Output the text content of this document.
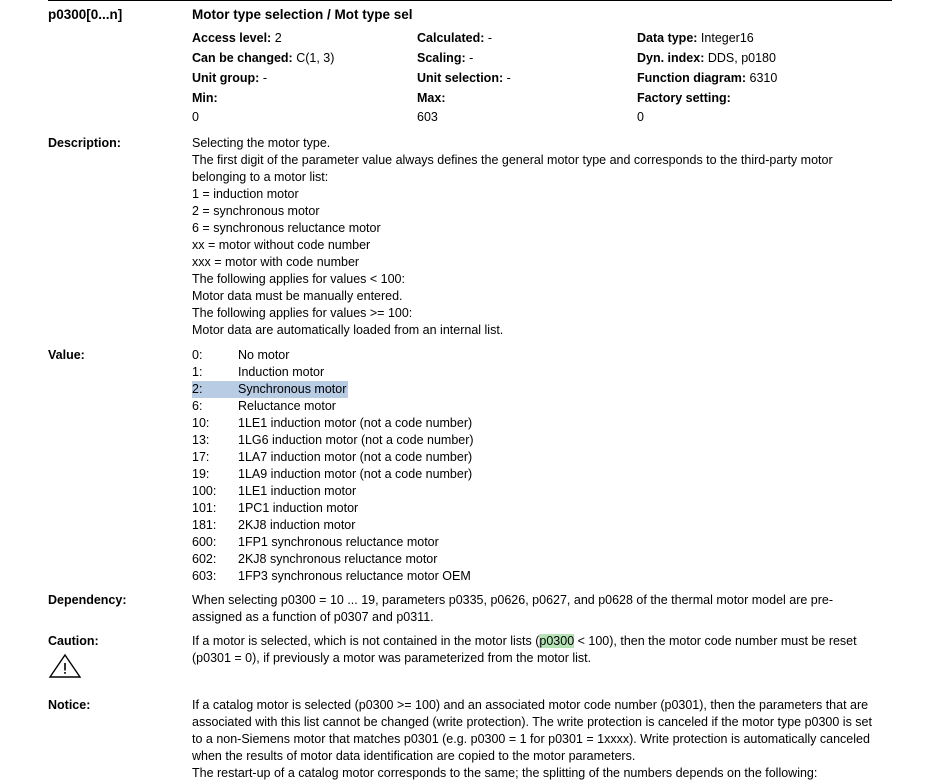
p0300[0...n]	Motor type selection / Mot type sel
Access level: 2	Calculated: -	Data type: Integer16
Can be changed: C(1, 3)	Scaling: -	Dyn. index: DDS, p0180
Unit group: -	Unit selection: -	Function diagram: 6310
Min:	Max:	Factory setting:
0	603	0
Description:	Selecting the motor type.

The first digit of the parameter value always defines the general motor type and corresponds to the third-party motor belonging to a motor list:

1 = induction motor

2 = synchronous motor

6 = synchronous reluctance motor

xx = motor without code number

xxx = motor with code number

The following applies for values < 100:

Motor data must be manually entered.

The following applies for values >= 100:

Motor data are automatically loaded from an internal list.

Value:	0:	No motor
1:	Induction motor
2:	Synchronous motor
6:	Reluctance motor
10:	1LE1 induction motor (not a code number)
13:	1LG6 induction motor (not a code number)
17:	1LA7 induction motor (not a code number)
19:	1LA9 induction motor (not a code number)
100:	1LE1 induction motor
101:	1PC1 induction motor
181:	2KJ8 induction motor
600:	1FP1 synchronous reluctance motor
602:	2KJ8 synchronous reluctance motor
603:	1FP3 synchronous reluctance motor OEM
Dependency:	When selecting p0300 = 10 ... 19, parameters p0335, p0626, p0627, and p0628 of the thermal motor model are pre-assigned as a function of p0307 and p0311.

Caution:	If a motor is selected, which is not contained in the motor lists (p0300 < 100), then the motor code number must be reset (p0301 = 0), if previously a motor was parameterized from the motor list.

Notice:	If a catalog motor is selected (p0300 >= 100) and an associated motor code number (p0301), then the parameters that are associated with this list cannot be changed (write protection). The write protection is canceled if the motor type p0300 is set to a non-Siemens motor that matches p0301 (e.g. p0300 = 1 for p0301 = 1xxxx). Write protection is automatically canceled when the results of motor data identification are copied to the motor parameters.

The restart-up of a catalog motor corresponds to the same; the splitting of the numbers depends on the following:
